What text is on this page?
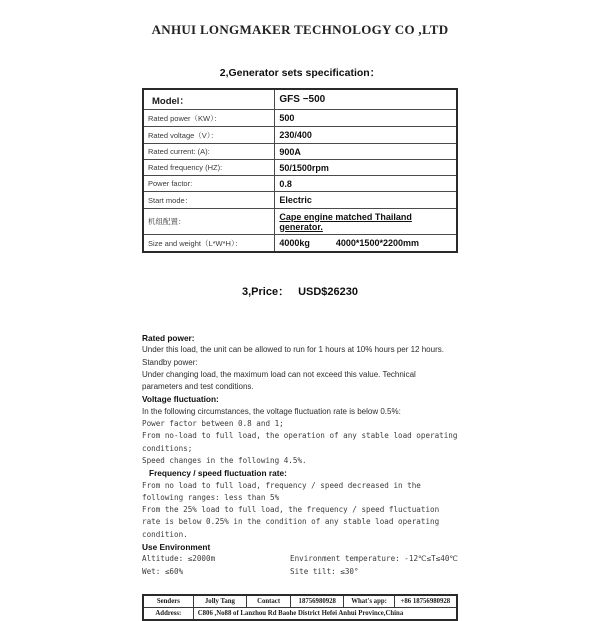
ANHUI LONGMAKER TECHNOLOGY CO ,LTD
2,Generator sets specification：
Model：	GFS −500
Rated power（KW）：	500
Rated voltage（V）：	230/400
Rated current: (A):	900A
Rated frequency (HZ):	50/1500rpm
Power factor:	0.8
Start mode：	Electric
机组配置：	Cape engine matched Thailand generator.
Size and weight（L*W*H）：	4000kg 4000*1500*2200mm
3,Price： USD$26230
Rated power:
Under this load, the unit can be allowed to run for 1 hours at 10% hours per 12 hours.
Standby power:
Under changing load, the maximum load can not exceed this value. Technical parameters and test conditions.
Voltage fluctuation:
In the following circumstances, the voltage fluctuation rate is below 0.5%:
Power factor between 0.8 and 1;
From no-load to full load, the operation of any stable load operating conditions;
Speed changes in the following 4.5%.
Frequency / speed fluctuation rate:
From no load to full load, frequency / speed decreased in the following ranges: less than 5%
From the 25% load to full load, the frequency / speed fluctuation rate is below 0.25% in the condition of any stable load operating condition.
Use Environment
Altitude: ≤2000m	Environment temperature: -12℃≤T≤40℃
Wet: ≤60%	Site tilt: ≤30°
Senders	Jolly Tang	Contact	18756980928	What's app:	+86 18756980928
Address:	C806 ,No88 of Lanzhou Rd Baohe District Hefei Anhui Province,China				
